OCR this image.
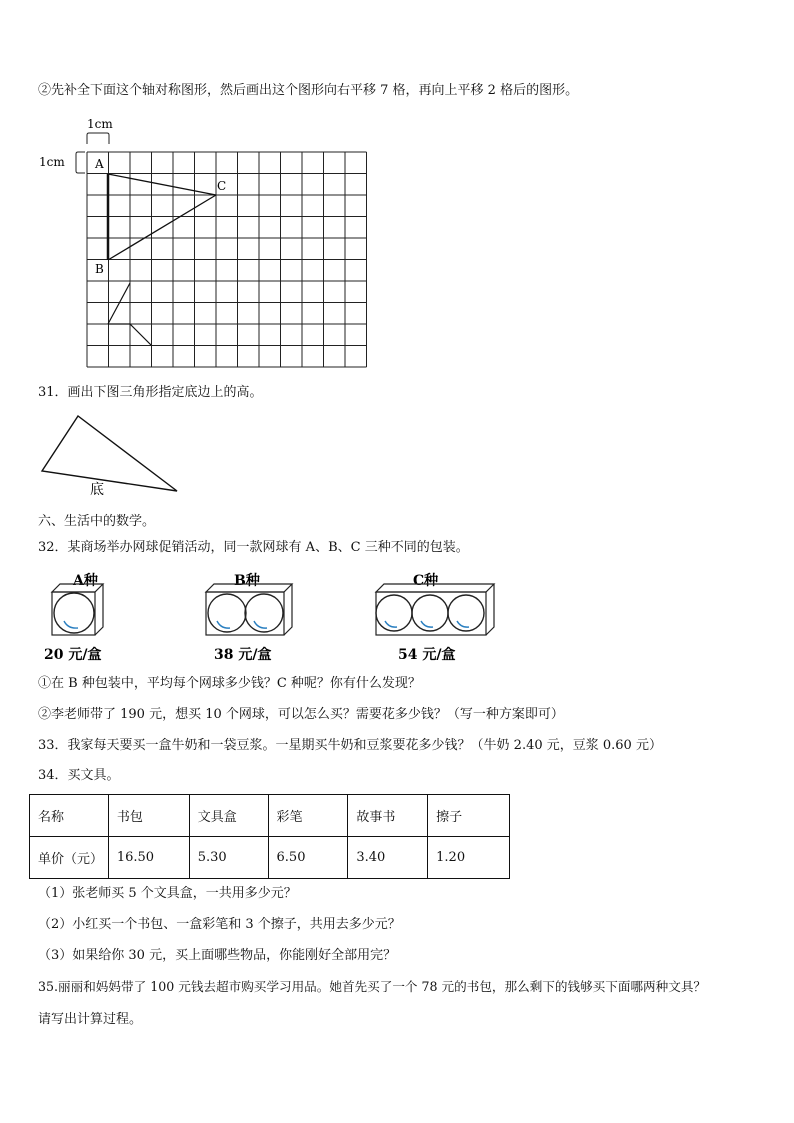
②先补全下面这个轴对称图形，然后画出这个图形向右平移 7 格，再向上平移 2 格后的图形。
1cm
1cm	A
B
C
31．画出下图三角形指定底边上的高。
底
六、生活中的数学。
32．某商场举办网球促销活动，同一款网球有 A、B、C 三种不同的包装。
A种
20 元/盒
B种
38 元/盒
C种
54 元/盒
①在 B 种包装中，平均每个网球多少钱？C 种呢？你有什么发现？
②李老师带了 190 元，想买 10 个网球，可以怎么买？需要花多少钱？（写一种方案即可）
33．我家每天要买一盒牛奶和一袋豆浆。一星期买牛奶和豆浆要花多少钱？（牛奶 2.40 元，豆浆 0.60 元）
34．买文具。
名称	书包	文具盒	彩笔	故事书	擦子
单价（元）	16.50	5.30	6.50	3.40	1.20
（1）张老师买 5 个文具盒，一共用多少元？
（2）小红买一个书包、一盒彩笔和 3 个擦子，共用去多少元？
（3）如果给你 30 元，买上面哪些物品，你能刚好全部用完？
35.丽丽和妈妈带了 100 元钱去超市购买学习用品。她首先买了一个 78 元的书包，那么剩下的钱够买下面哪两种文具？
请写出计算过程。
